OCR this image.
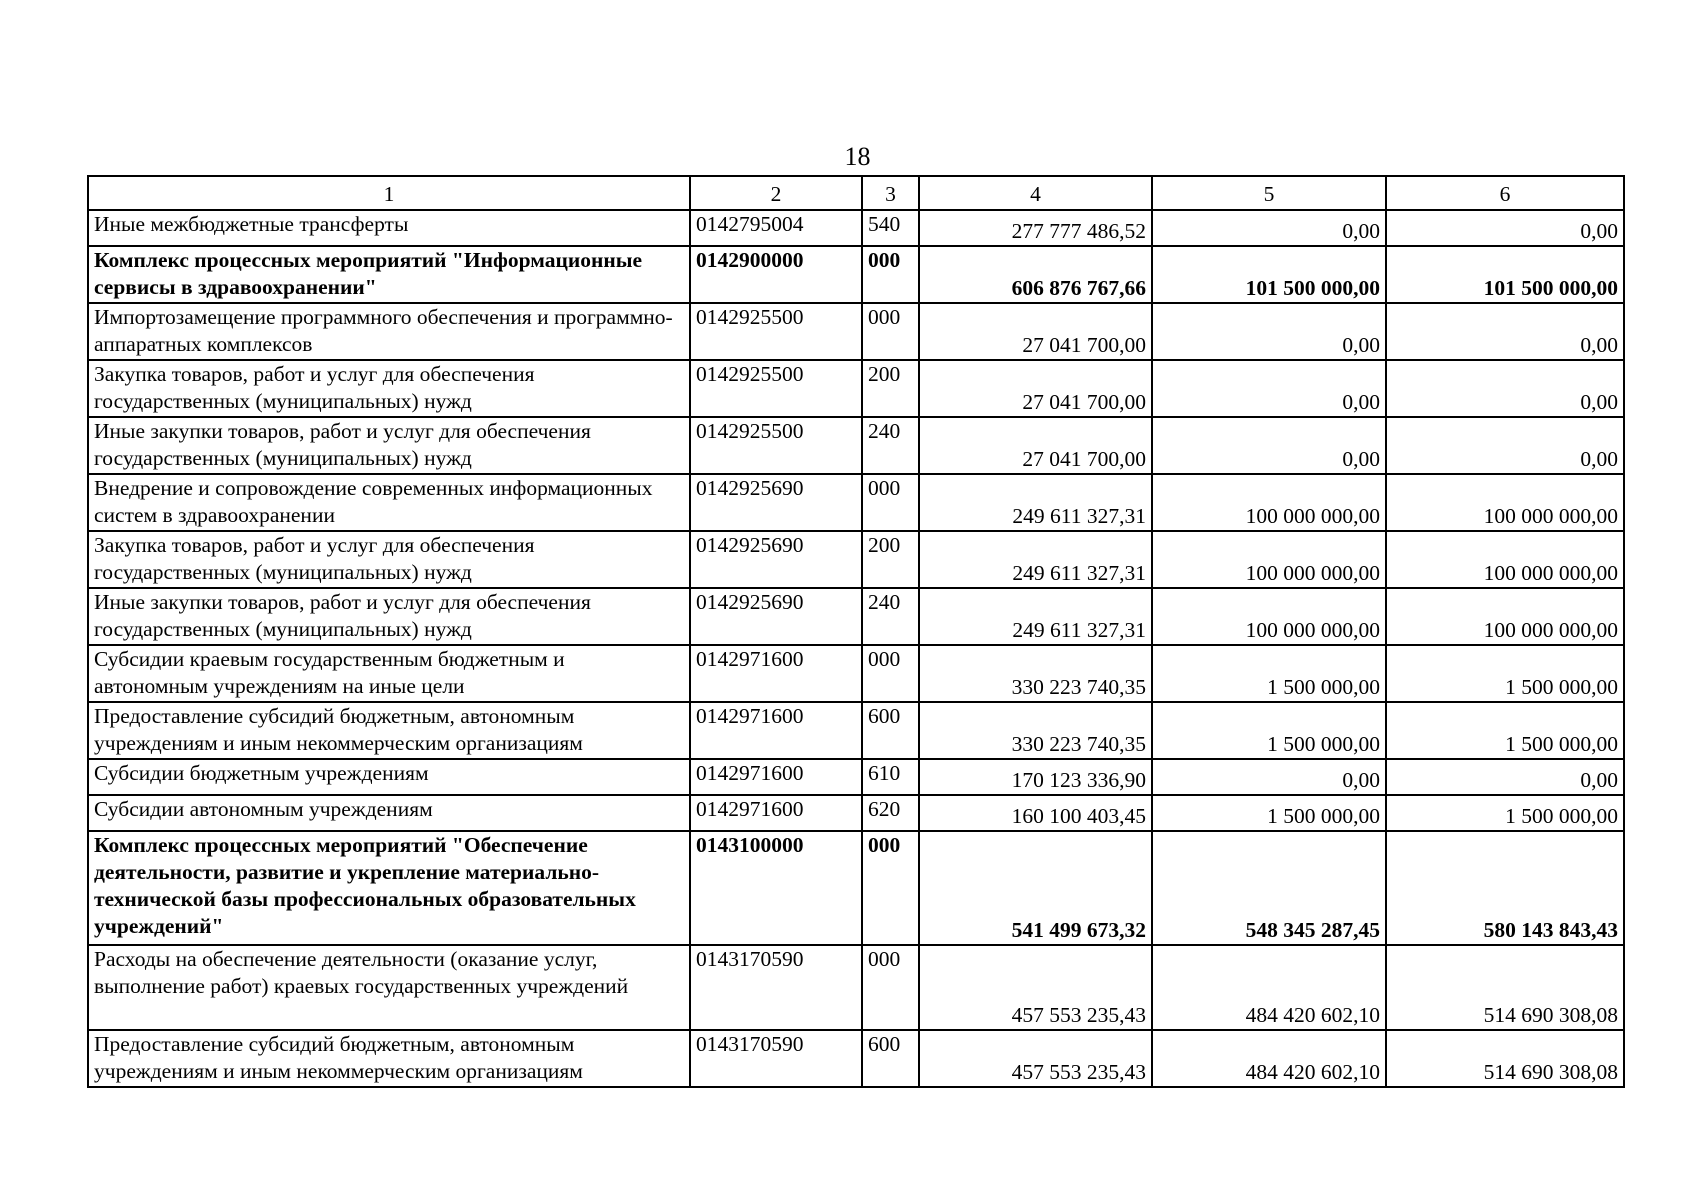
18
1	2	3	4	5	6
Иные межбюджетные трансферты	0142795004	540	277 777 486,52	0,00	0,00
Комплекс процессных мероприятий "Информационные сервисы в здравоохранении"	0142900000	000	606 876 767,66	101 500 000,00	101 500 000,00
Импортозамещение программного обеспечения и программно-аппаратных комплексов	0142925500	000	27 041 700,00	0,00	0,00
Закупка товаров, работ и услуг для обеспечения государственных (муниципальных) нужд	0142925500	200	27 041 700,00	0,00	0,00
Иные закупки товаров, работ и услуг для обеспечения государственных (муниципальных) нужд	0142925500	240	27 041 700,00	0,00	0,00
Внедрение и сопровождение современных информационных систем в здравоохранении	0142925690	000	249 611 327,31	100 000 000,00	100 000 000,00
Закупка товаров, работ и услуг для обеспечения государственных (муниципальных) нужд	0142925690	200	249 611 327,31	100 000 000,00	100 000 000,00
Иные закупки товаров, работ и услуг для обеспечения государственных (муниципальных) нужд	0142925690	240	249 611 327,31	100 000 000,00	100 000 000,00
Субсидии краевым государственным бюджетным и автономным учреждениям на иные цели	0142971600	000	330 223 740,35	1 500 000,00	1 500 000,00
Предоставление субсидий бюджетным, автономным учреждениям и иным некоммерческим организациям	0142971600	600	330 223 740,35	1 500 000,00	1 500 000,00
Субсидии бюджетным учреждениям	0142971600	610	170 123 336,90	0,00	0,00
Субсидии автономным учреждениям	0142971600	620	160 100 403,45	1 500 000,00	1 500 000,00
Комплекс процессных мероприятий "Обеспечение деятельности, развитие и укрепление материально-технической базы профессиональных образовательных учреждений"	0143100000	000	541 499 673,32	548 345 287,45	580 143 843,43
Расходы на обеспечение деятельности (оказание услуг, выполнение работ) краевых государственных учреждений	0143170590	000	457 553 235,43	484 420 602,10	514 690 308,08
Предоставление субсидий бюджетным, автономным учреждениям и иным некоммерческим организациям	0143170590	600	457 553 235,43	484 420 602,10	514 690 308,08
